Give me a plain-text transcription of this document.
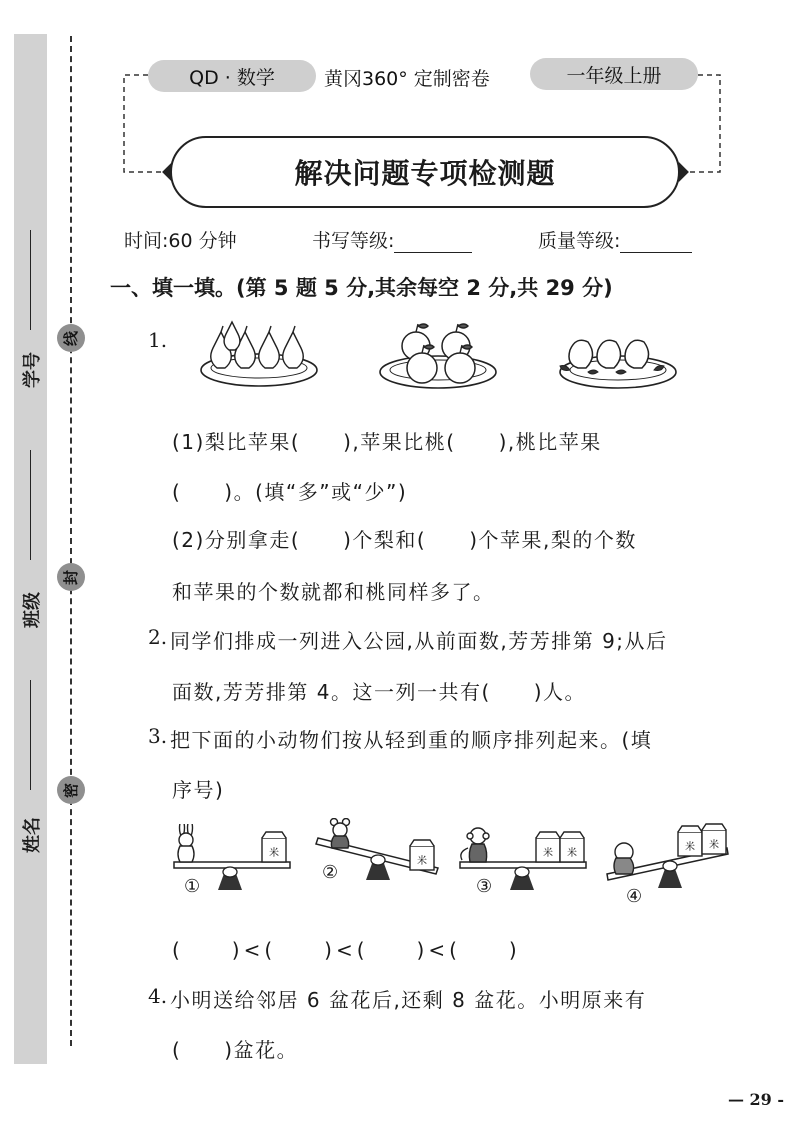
学号
班级
姓名
线
封
密
QD · 数学	黄冈360° 定制密卷	一年级上册
解决问题专项检测题
时间:60 分钟	书写等级:	质量等级:
一、填一填。(第 5 题 5 分,其余每空 2 分,共 29 分)
1.
(1)梨比苹果(　　),苹果比桃(　　),桃比苹果
(　　)。(填“多”或“少”)
(2)分别拿走(　　)个梨和(　　)个苹果,梨的个数
和苹果的个数就都和桃同样多了。
2. 同学们排成一列进入公园,从前面数,芳芳排第 9;从后
面数,芳芳排第 4。这一列一共有(　　)人。
3. 把下面的小动物们按从轻到重的顺序排列起来。(填
序号)
米
①
米
②
米 米
③
米 米
④
(　　)<(　　)<(　　)<(　　)
4. 小明送给邻居 6 盆花后,还剩 8 盆花。小明原来有
(　　)盆花。
— 29 -
